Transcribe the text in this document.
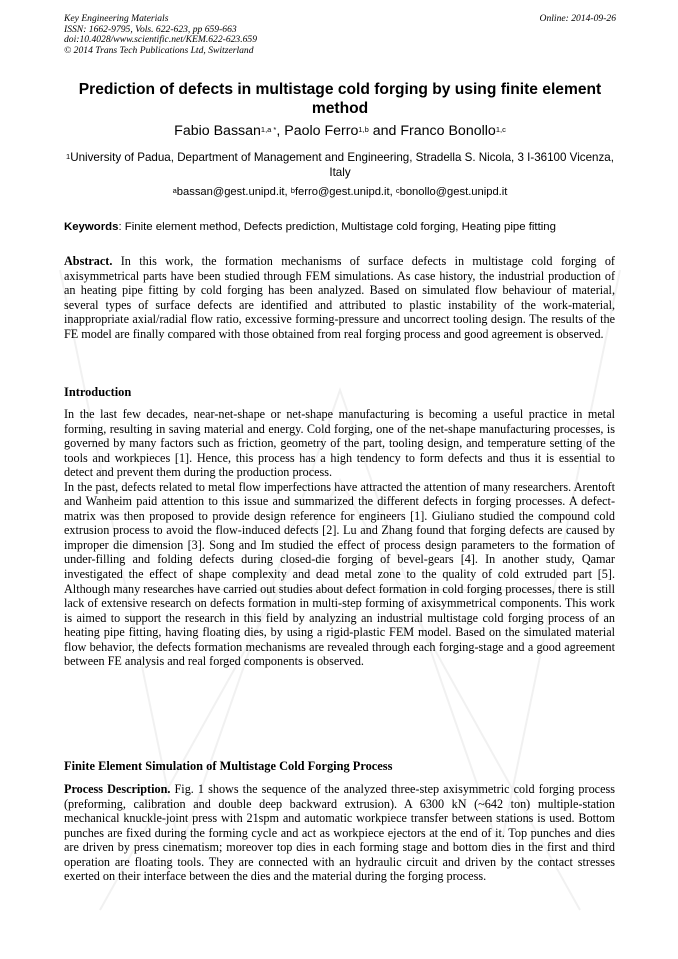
Key Engineering Materials
ISSN: 1662-9795, Vols. 622-623, pp 659-663
doi:10.4028/www.scientific.net/KEM.622-623.659
© 2014 Trans Tech Publications Ltd, Switzerland
Online: 2014-09-26
Prediction of defects in multistage cold forging by using finite element method
Fabio Bassan$^{1,a *}$, Paolo Ferro$^{1,b}$ and Franco Bonollo$^{1,c}$
$^1$University of Padua, Department of Management and Engineering, Stradella S. Nicola, 3 I-36100 Vicenza, Italy
$^a$bassan@gest.unipd.it, $^b$ferro@gest.unipd.it, $^c$bonollo@gest.unipd.it
Keywords: Finite element method, Defects prediction, Multistage cold forging, Heating pipe fitting

Abstract. In this work, the formation mechanisms of surface defects in multistage cold forging of axisymmetrical parts have been studied through FEM simulations. As case history, the industrial production of an heating pipe fitting by cold forging has been analyzed. Based on simulated flow behaviour of material, several types of surface defects are identified and attributed to plastic instability of the work-material, inappropriate axial/radial flow ratio, excessive forming-pressure and uncorrect tooling design. The results of the FE model are finally compared with those obtained from real forging process and good agreement is observed.

Introduction

In the last few decades, near-net-shape or net-shape manufacturing is becoming a useful practice in metal forming, resulting in saving material and energy. Cold forging, one of the net-shape manufacturing processes, is governed by many factors such as friction, geometry of the part, tooling design, and temperature setting of the tools and workpieces [1]. Hence, this process has a high tendency to form defects and thus it is essential to detect and prevent them during the production process.

In the past, defects related to metal flow imperfections have attracted the attention of many researchers. Arentoft and Wanheim paid attention to this issue and summarized the different defects in forging processes. A defect-matrix was then proposed to provide design reference for engineers [1]. Giuliano studied the compound cold extrusion process to avoid the flow-induced defects [2]. Lu and Zhang found that forging defects are caused by improper die dimension [3]. Song and Im studied the effect of process design parameters to the formation of under-filling and folding defects during closed-die forging of bevel-gears [4]. In another study, Qamar investigated the effect of shape complexity and dead metal zone to the quality of cold extruded part [5]. Although many researches have carried out studies about defect formation in cold forging processes, there is still lack of extensive research on defects formation in multi-step forming of axisymmetrical components. This work is aimed to support the research in this field by analyzing an industrial multistage cold forging process of an heating pipe fitting, having floating dies, by using a rigid-plastic FEM model. Based on the simulated material flow behavior, the defects formation mechanisms are revealed through each forging-stage and a good agreement between FE analysis and real forged components is observed.

Finite Element Simulation of Multistage Cold Forging Process

Process Description. Fig. 1 shows the sequence of the analyzed three-step axisymmetric cold forging process (preforming, calibration and double deep backward extrusion). A 6300 kN (~642 ton) multiple-station mechanical knuckle-joint press with 21spm and automatic workpiece transfer between stations is used. Bottom punches are fixed during the forming cycle and act as workpiece ejectors at the end of it. Top punches and dies are driven by press cinematism; moreover top dies in each forming stage and bottom dies in the first and third operation are floating tools. They are connected with an hydraulic circuit and driven by the contact stresses exerted on their interface between the dies and the material during the forging process.
